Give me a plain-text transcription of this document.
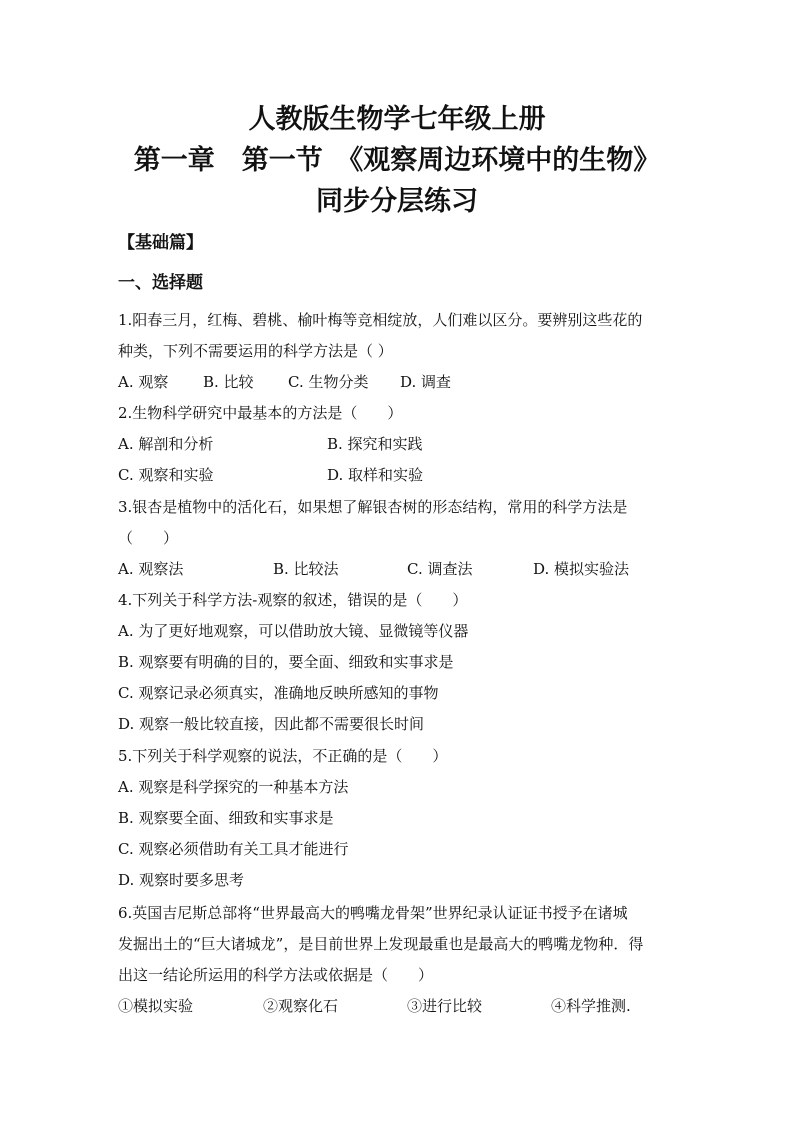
人教版生物学七年级上册
第一章　第一节　《观察周边环境中的生物》
同步分层练习
【基础篇】
一、选择题
1.阳春三月，红梅、碧桃、榆叶梅等竞相绽放，人们难以区分。要辨别这些花的
种类，下列不需要运用的科学方法是（ ）
A. 观察 B. 比较 C. 生物分类 D. 调查
2.生物科学研究中最基本的方法是（　　）
A. 解剖和分析	B. 探究和实践
C. 观察和实验	D. 取样和实验
3.银杏是植物中的活化石，如果想了解银杏树的形态结构，常用的科学方法是
（　　）
A. 观察法	B. 比较法	C. 调查法	D. 模拟实验法
4.下列关于科学方法-观察的叙述，错误的是（　　）
A. 为了更好地观察，可以借助放大镜、显微镜等仪器
B. 观察要有明确的目的，要全面、细致和实事求是
C. 观察记录必须真实，准确地反映所感知的事物
D. 观察一般比较直接，因此都不需要很长时间
5.下列关于科学观察的说法，不正确的是（　　）
A. 观察是科学探究的一种基本方法
B. 观察要全面、细致和实事求是
C. 观察必须借助有关工具才能进行
D. 观察时要多思考
6.英国吉尼斯总部将“世界最高大的鸭嘴龙骨架”世界纪录认证证书授予在诸城
发掘出土的“巨大诸城龙”，是目前世界上发现最重也是最高大的鸭嘴龙物种．得
出这一结论所运用的科学方法或依据是（　　）
①模拟实验	②观察化石	③进行比较	④科学推测.
